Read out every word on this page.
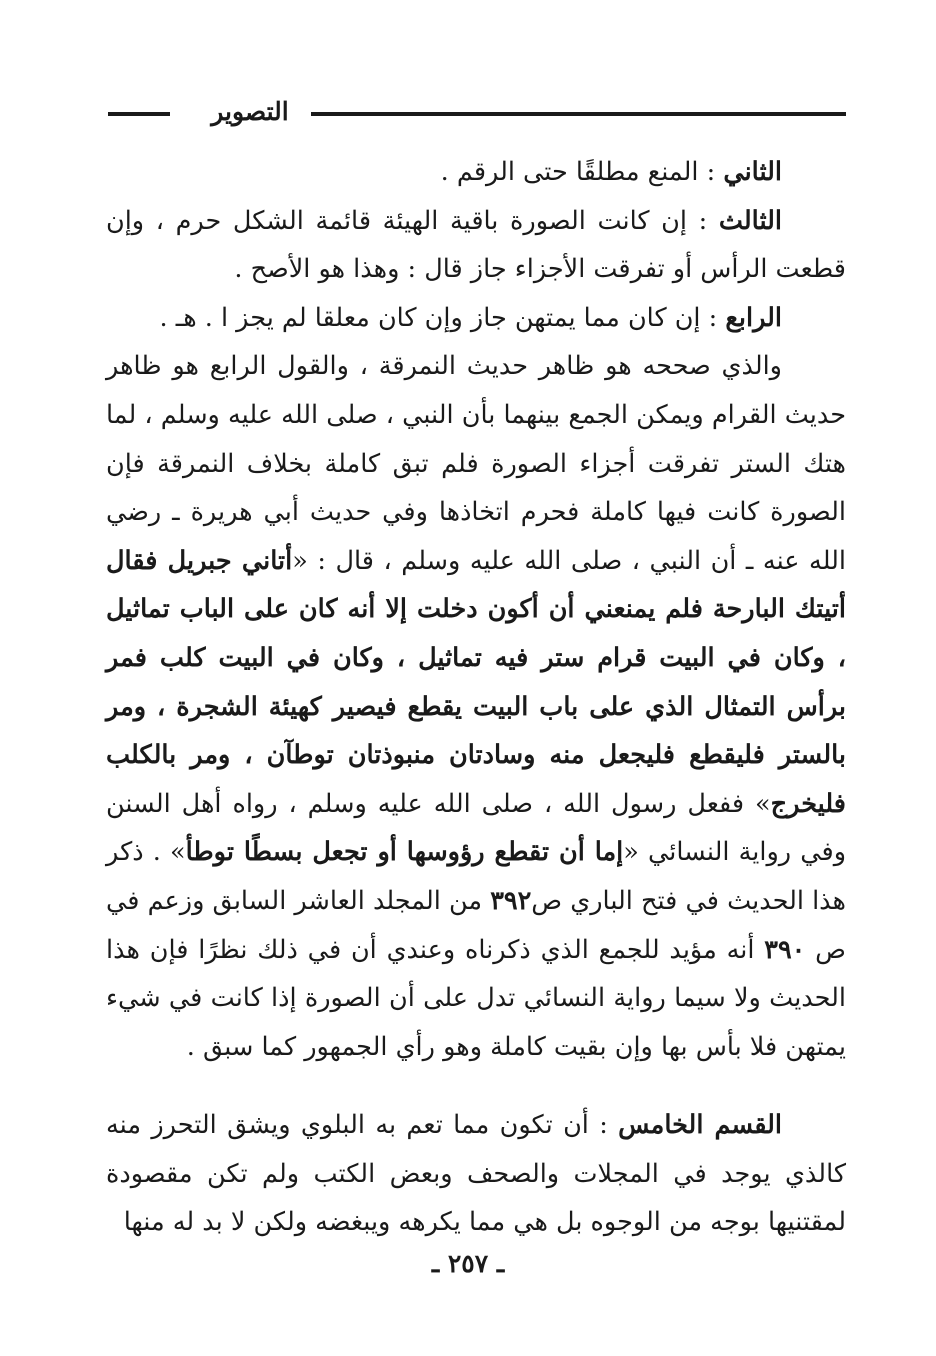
التصوير

الثاني : المنع مطلقًا حتى الرقم .

الثالث : إن كانت الصورة باقية الهيئة قائمة الشكل حرم ، وإن قطعت الرأس أو تفرقت الأجزاء جاز قال : وهذا هو الأصح .

الرابع : إن كان مما يمتهن جاز وإن كان معلقا لم يجز ا . هـ .

والذي صححه هو ظاهر حديث النمرقة ، والقول الرابع هو ظاهر حديث القرام ويمكن الجمع بينهما بأن النبي ، صلى الله عليه وسلم ، لما هتك الستر تفرقت أجزاء الصورة فلم تبق كاملة بخلاف النمرقة فإن الصورة كانت فيها كاملة فحرم اتخاذها وفي حديث أبي هريرة ـ رضي الله عنه ـ أن النبي ، صلى الله عليه وسلم ، قال : «أتاني جبريل فقال أتيتك البارحة فلم يمنعني أن أكون دخلت إلا أنه كان على الباب تماثيل ، وكان في البيت قرام ستر فيه تماثيل ، وكان في البيت كلب فمر برأس التمثال الذي على باب البيت يقطع فيصير كهيئة الشجرة ، ومر بالستر فليقطع فليجعل منه وسادتان منبوذتان توطآن ، ومر بالكلب فليخرج» ففعل رسول الله ، صلى الله عليه وسلم ، رواه أهل السنن وفي رواية النسائي «إما أن تقطع رؤوسها أو تجعل بسطًا توطأ» . ذكر هذا الحديث في فتح الباري ص٣٩٢ من المجلد العاشر السابق وزعم في ص ٣٩٠ أنه مؤيد للجمع الذي ذكرناه وعندي أن في ذلك نظرًا فإن هذا الحديث ولا سيما رواية النسائي تدل على أن الصورة إذا كانت في شيء يمتهن فلا بأس بها وإن بقيت كاملة وهو رأي الجمهور كما سبق .

القسم الخامس : أن تكون مما تعم به البلوي ويشق التحرز منه كالذي يوجد في المجلات والصحف وبعض الكتب ولم تكن مقصودة لمقتنيها بوجه من الوجوه بل هي مما يكرهه ويبغضه ولكن لا بد له منها

ـ ٢٥٧ ـ
